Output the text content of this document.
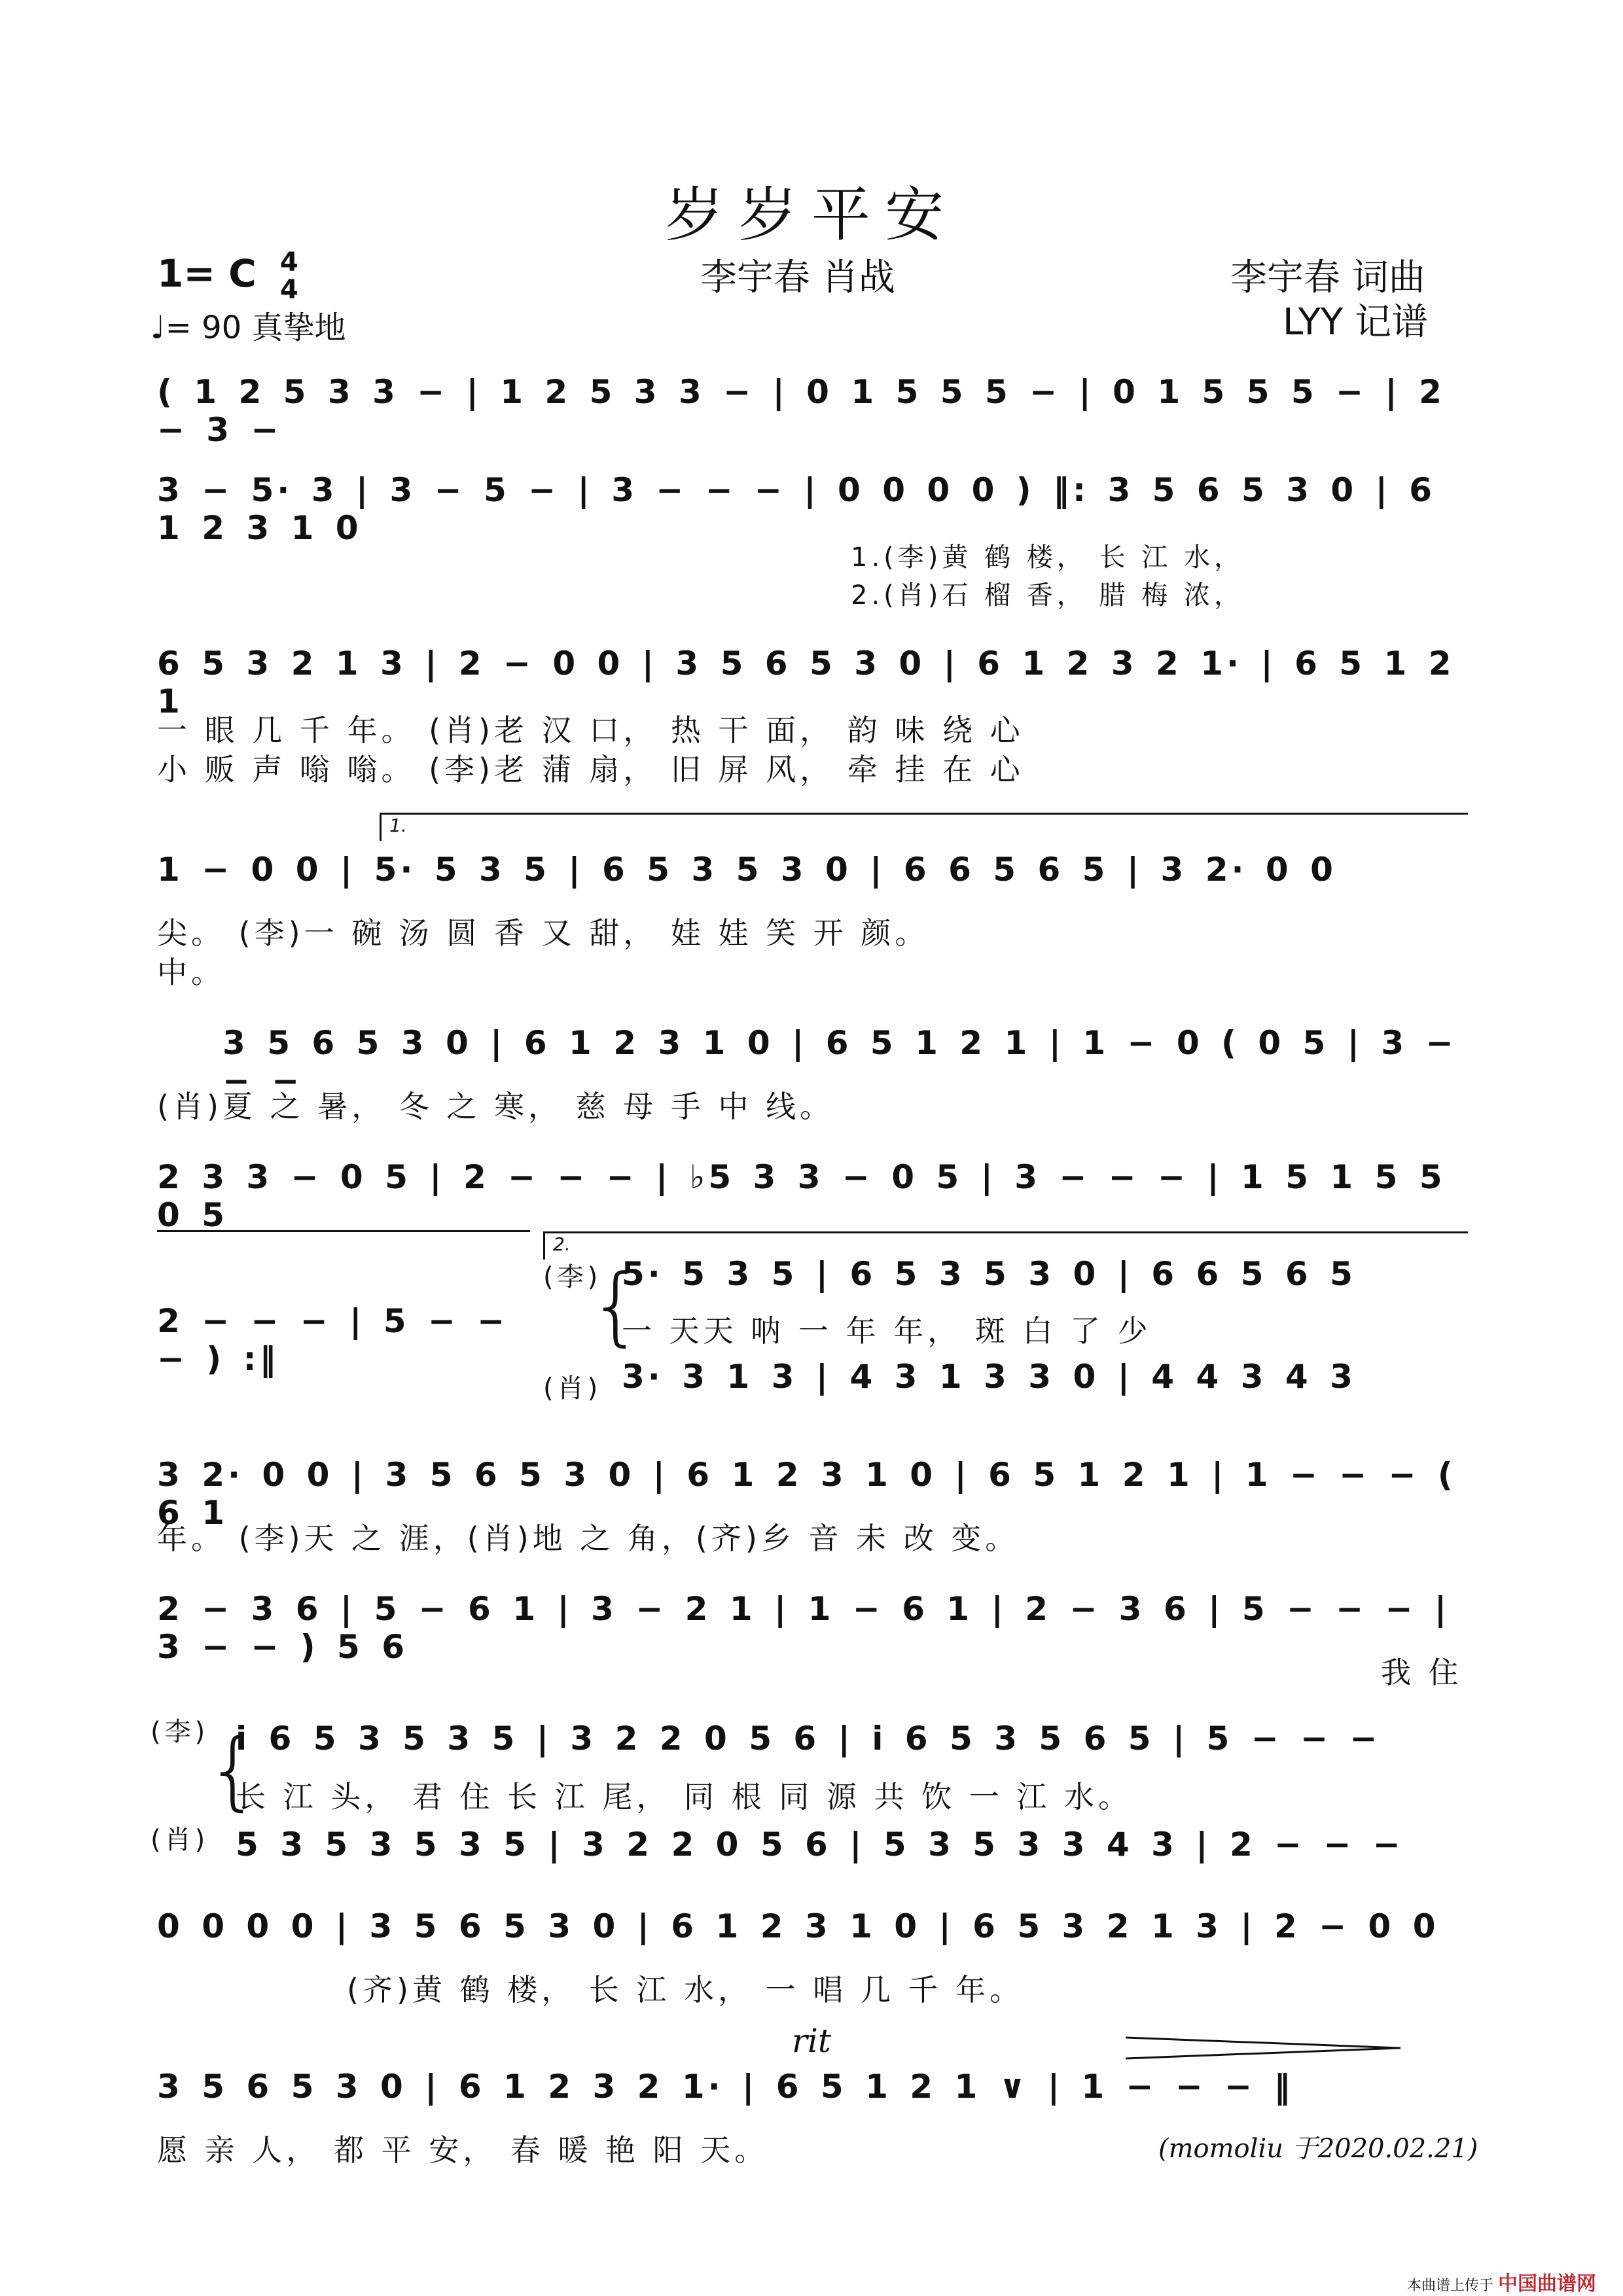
岁岁平安
1= C 4
4
♩= 90 真挚地
李宇春 肖战	李宇春 词曲
LYY 记谱
( 1 2 5 3 3 − | 1 2 5 3 3 − | 0 1 5 5 5 − | 0 1 5 5 5 − | 2 − 3 −
3 − 5· 3 | 3 − 5 − | 3 − − − | 0 0 0 0 ) ‖: 3 5 6 5 3 0 | 6 1 2 3 1 0
1.(李)黄 鹤 楼， 长 江 水，
2.(肖)石 榴 香， 腊 梅 浓，
6 5 3 2 1 3 | 2 − 0 0 | 3 5 6 5 3 0 | 6 1 2 3 2 1· | 6 5 1 2 1
一 眼 几 千 年。 (肖)老 汉 口， 热 干 面， 韵 味 绕 心
小 贩 声 嗡 嗡。 (李)老 蒲 扇， 旧 屏 风， 牵 挂 在 心
1.
1 − 0 0 | 5· 5 3 5 | 6 5 3 5 3 0 | 6 6 5 6 5 | 3 2· 0 0
尖。 (李)一 碗 汤 圆 香 又 甜， 娃 娃 笑 开 颜。
中。
3 5 6 5 3 0 | 6 1 2 3 1 0 | 6 5 1 2 1 | 1 − 0 ( 0 5 | 3 − − −
(肖)夏 之 暑， 冬 之 寒， 慈 母 手 中 线。
2 3 3 − 0 5 | 2 − − − | ♭5 3 3 − 0 5 | 3 − − − | 1 5 1 5 5 0 5
2.
2 − − − | 5 − − − ) :‖
(李) 5· 5 3 5 | 6 5 3 5 3 0 | 6 6 5 6 5
{
一 天天 呐 一 年 年， 斑 白 了 少
(肖) 3· 3 1 3 | 4 3 1 3 3 0 | 4 4 3 4 3
3 2· 0 0 | 3 5 6 5 3 0 | 6 1 2 3 1 0 | 6 5 1 2 1 | 1 − − − ( 6 1
年。 (李)天 之 涯，(肖)地 之 角，(齐)乡 音 未 改 变。
2 − 3 6 | 5 − 6 1 | 3 − 2 1 | 1 − 6 1 | 2 − 3 6 | 5 − − − | 3 − − ) 5 6
我 住
(李) i 6 5 3 5 3 5 | 3 2 2 0 5 6 | i 6 5 3 5 6 5 | 5 − − −
{
长 江 头， 君 住 长 江 尾， 同 根 同 源 共 饮 一 江 水。
(肖) 5 3 5 3 5 3 5 | 3 2 2 0 5 6 | 5 3 5 3 3 4 3 | 2 − − −
0 0 0 0 | 3 5 6 5 3 0 | 6 1 2 3 1 0 | 6 5 3 2 1 3 | 2 − 0 0
(齐)黄 鹤 楼， 长 江 水， 一 唱 几 千 年。
rit
3 5 6 5 3 0 | 6 1 2 3 2 1· | 6 5 1 2 1 ∨ | 1 − − − ‖
愿 亲 人， 都 平 安， 春 暖 艳 阳 天。	(momoliu 于2020.02.21)
本曲谱上传于 中国曲谱网
